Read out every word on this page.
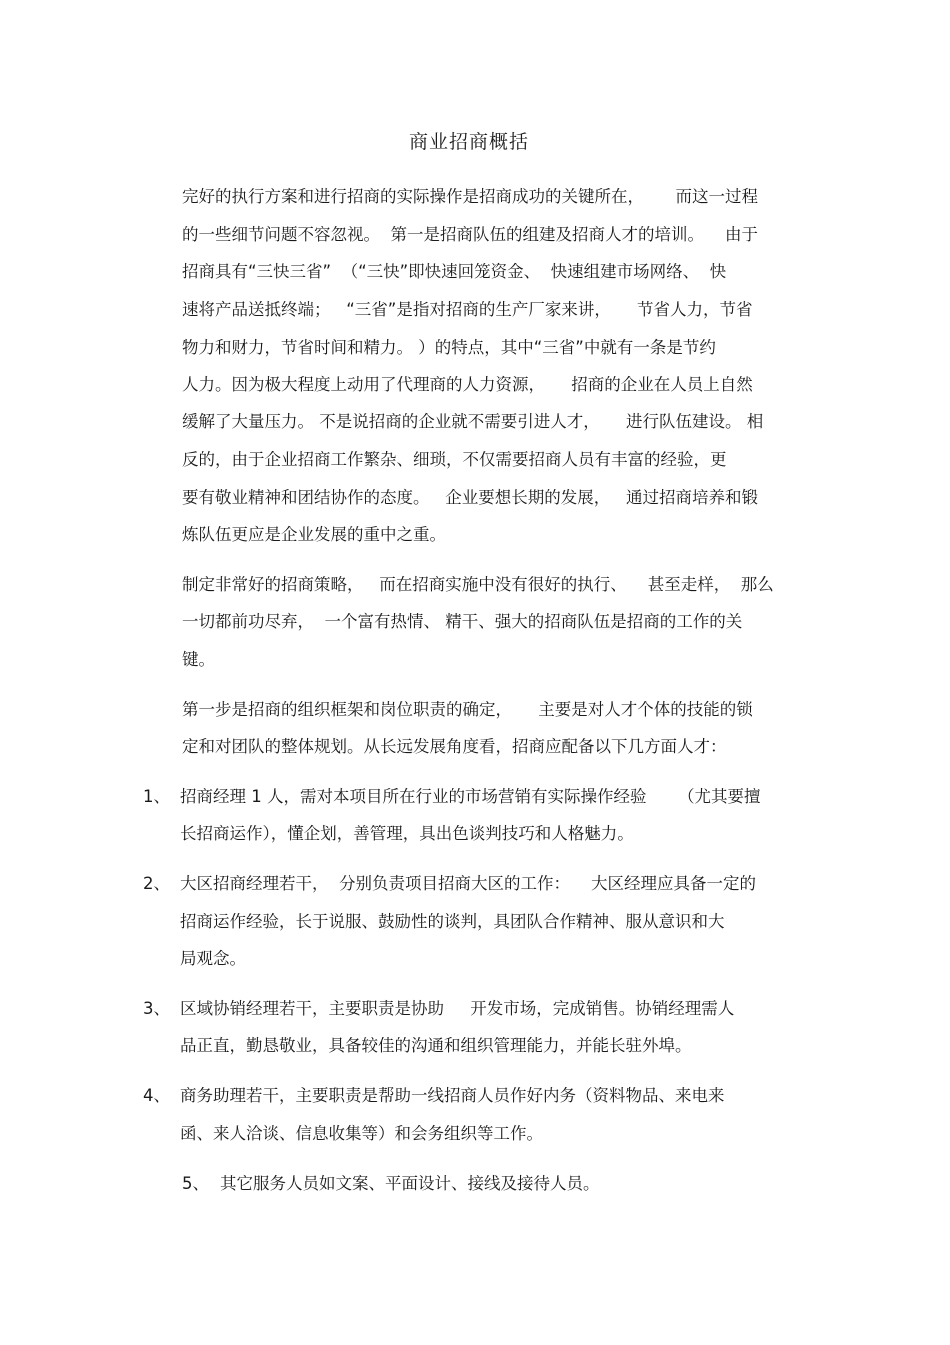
商业招商概括

完好的执行方案和进行招商的实际操作是招商成功的关键所在，      而这一过程

的一些细节问题不容忽视。  第一是招商队伍的组建及招商人才的培训。    由于

招商具有“三快三省”  （“三快”即快速回笼资金、  快速组建市场网络、  快

速将产品送抵终端；   “三省”是指对招商的生产厂家来讲，     节省人力，节省

物力和财力，节省时间和精力。 ）的特点，其中“三省”中就有一条是节约

人力。因为极大程度上动用了代理商的人力资源，     招商的企业在人员上自然

缓解了大量压力。 不是说招商的企业就不需要引进人才，     进行队伍建设。 相

反的，由于企业招商工作繁杂、细琐，不仅需要招商人员有丰富的经验，更

要有敬业精神和团结协作的态度。   企业要想长期的发展，   通过招商培养和锻

炼队伍更应是企业发展的重中之重。

制定非常好的招商策略，   而在招商实施中没有很好的执行、    甚至走样，  那么

一切都前功尽弃，  一个富有热情、 精干、强大的招商队伍是招商的工作的关

键。

第一步是招商的组织框架和岗位职责的确定，     主要是对人才个体的技能的锁

定和对团队的整体规划。从长远发展角度看，招商应配备以下几方面人才：

1、 招商经理 1 人，需对本项目所在行业的市场营销有实际操作经验      （尤其要擅

长招商运作），懂企划，善管理，具出色谈判技巧和人格魅力。

2、 大区招商经理若干，  分别负责项目招商大区的工作：    大区经理应具备一定的

招商运作经验，长于说服、鼓励性的谈判，具团队合作精神、服从意识和大

局观念。

3、 区域协销经理若干，主要职责是协助     开发市场，完成销售。协销经理需人

品正直，勤恳敬业，具备较佳的沟通和组织管理能力，并能长驻外埠。

4、 商务助理若干，主要职责是帮助一线招商人员作好内务（资料物品、来电来

函、来人洽谈、信息收集等）和会务组织等工作。

5、 其它服务人员如文案、平面设计、接线及接待人员。
